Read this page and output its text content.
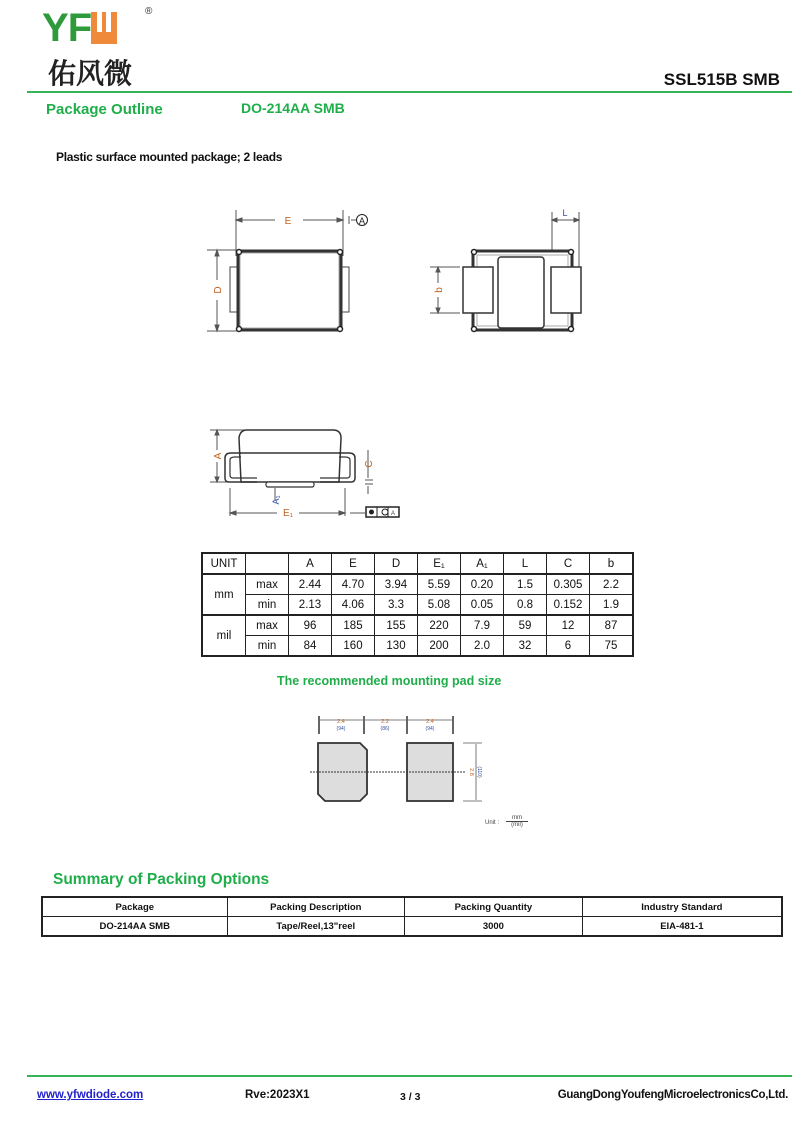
YF	®
佑风微	SSL515B SMB
Package Outline	DO-214AA SMB
Plastic surface mounted package; 2 leads
E	A
D
L
b
A
C
A₁
E₁	A
UNIT		A	E	D	E₁	A₁	L	C	b
mm	max	2.44	4.70	3.94	5.59	0.20	1.5	0.305	2.2
	min	2.13	4.06	3.3	5.08	0.05	0.8	0.152	1.9
mil	max	96	185	155	220	7.9	59	12	87
	min	84	160	130	200	2.0	32	6	75
The recommended mounting pad size
2.4
(94)
2.2
(86)
2.4
(94)
2.8 (110)
Unit :
mm
(mil)
Summary of Packing Options
Package	Packing Description	Packing Quantity	Industry Standard
DO-214AA SMB	Tape/Reel,13"reel	3000	EIA-481-1
www.yfwdiode.com	Rve:2023X1	3 / 3	GuangDongYoufengMicroelectronicsCo,Ltd.
